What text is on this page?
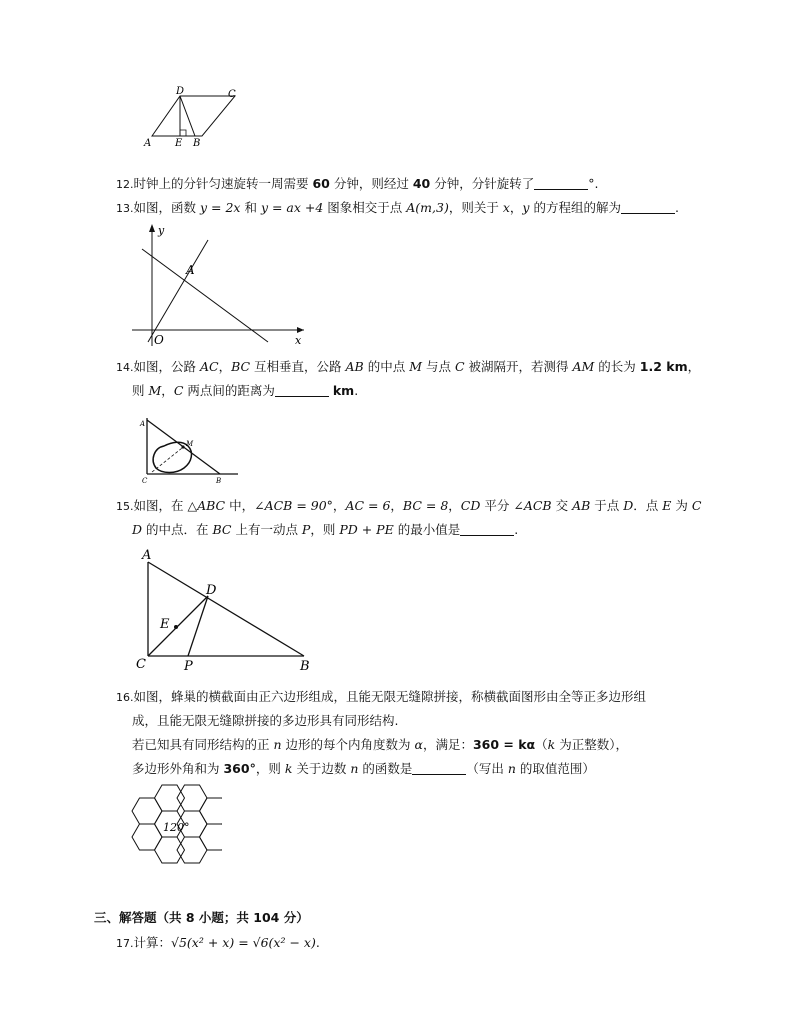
D	C
A E B
12.时钟上的分针匀速旋转一周需要 60 分钟，则经过 40 分钟，分针旋转了	°.
13.如图，函数 y = 2x 和 y = ax +4 图象相交于点 A(m,3)，则关于 x，y 的方程组的解为	.
y
A
O	x
14.如图，公路 AC，BC 互相垂直，公路 AB 的中点 M 与点 C 被湖隔开，若测得 AM 的长为 1.2 km，
则 M，C 两点间的距离为	km.
A
M
C	B
15.如图，在 △ABC 中，∠ACB = 90°，AC = 6，BC = 8，CD 平分 ∠ACB 交 AB 于点 D．点 E 为 C
D 的中点．在 BC 上有一动点 P，则 PD + PE 的最小值是	.
A
D
E
C	P	B
16.如图，蜂巢的横截面由正六边形组成，且能无限无缝隙拼接，称横截面图形由全等正多边形组
成，且能无限无缝隙拼接的多边形具有同形结构.
若已知具有同形结构的正 n 边形的每个内角度数为 α，满足：360 = kα（k 为正整数），
多边形外角和为 360°，则 k 关于边数 n 的函数是	（写出 n 的取值范围）
120°
三、解答题（共 8 小题；共 104 分）
17.计算：√5(x² + x) = √6(x² − x).
